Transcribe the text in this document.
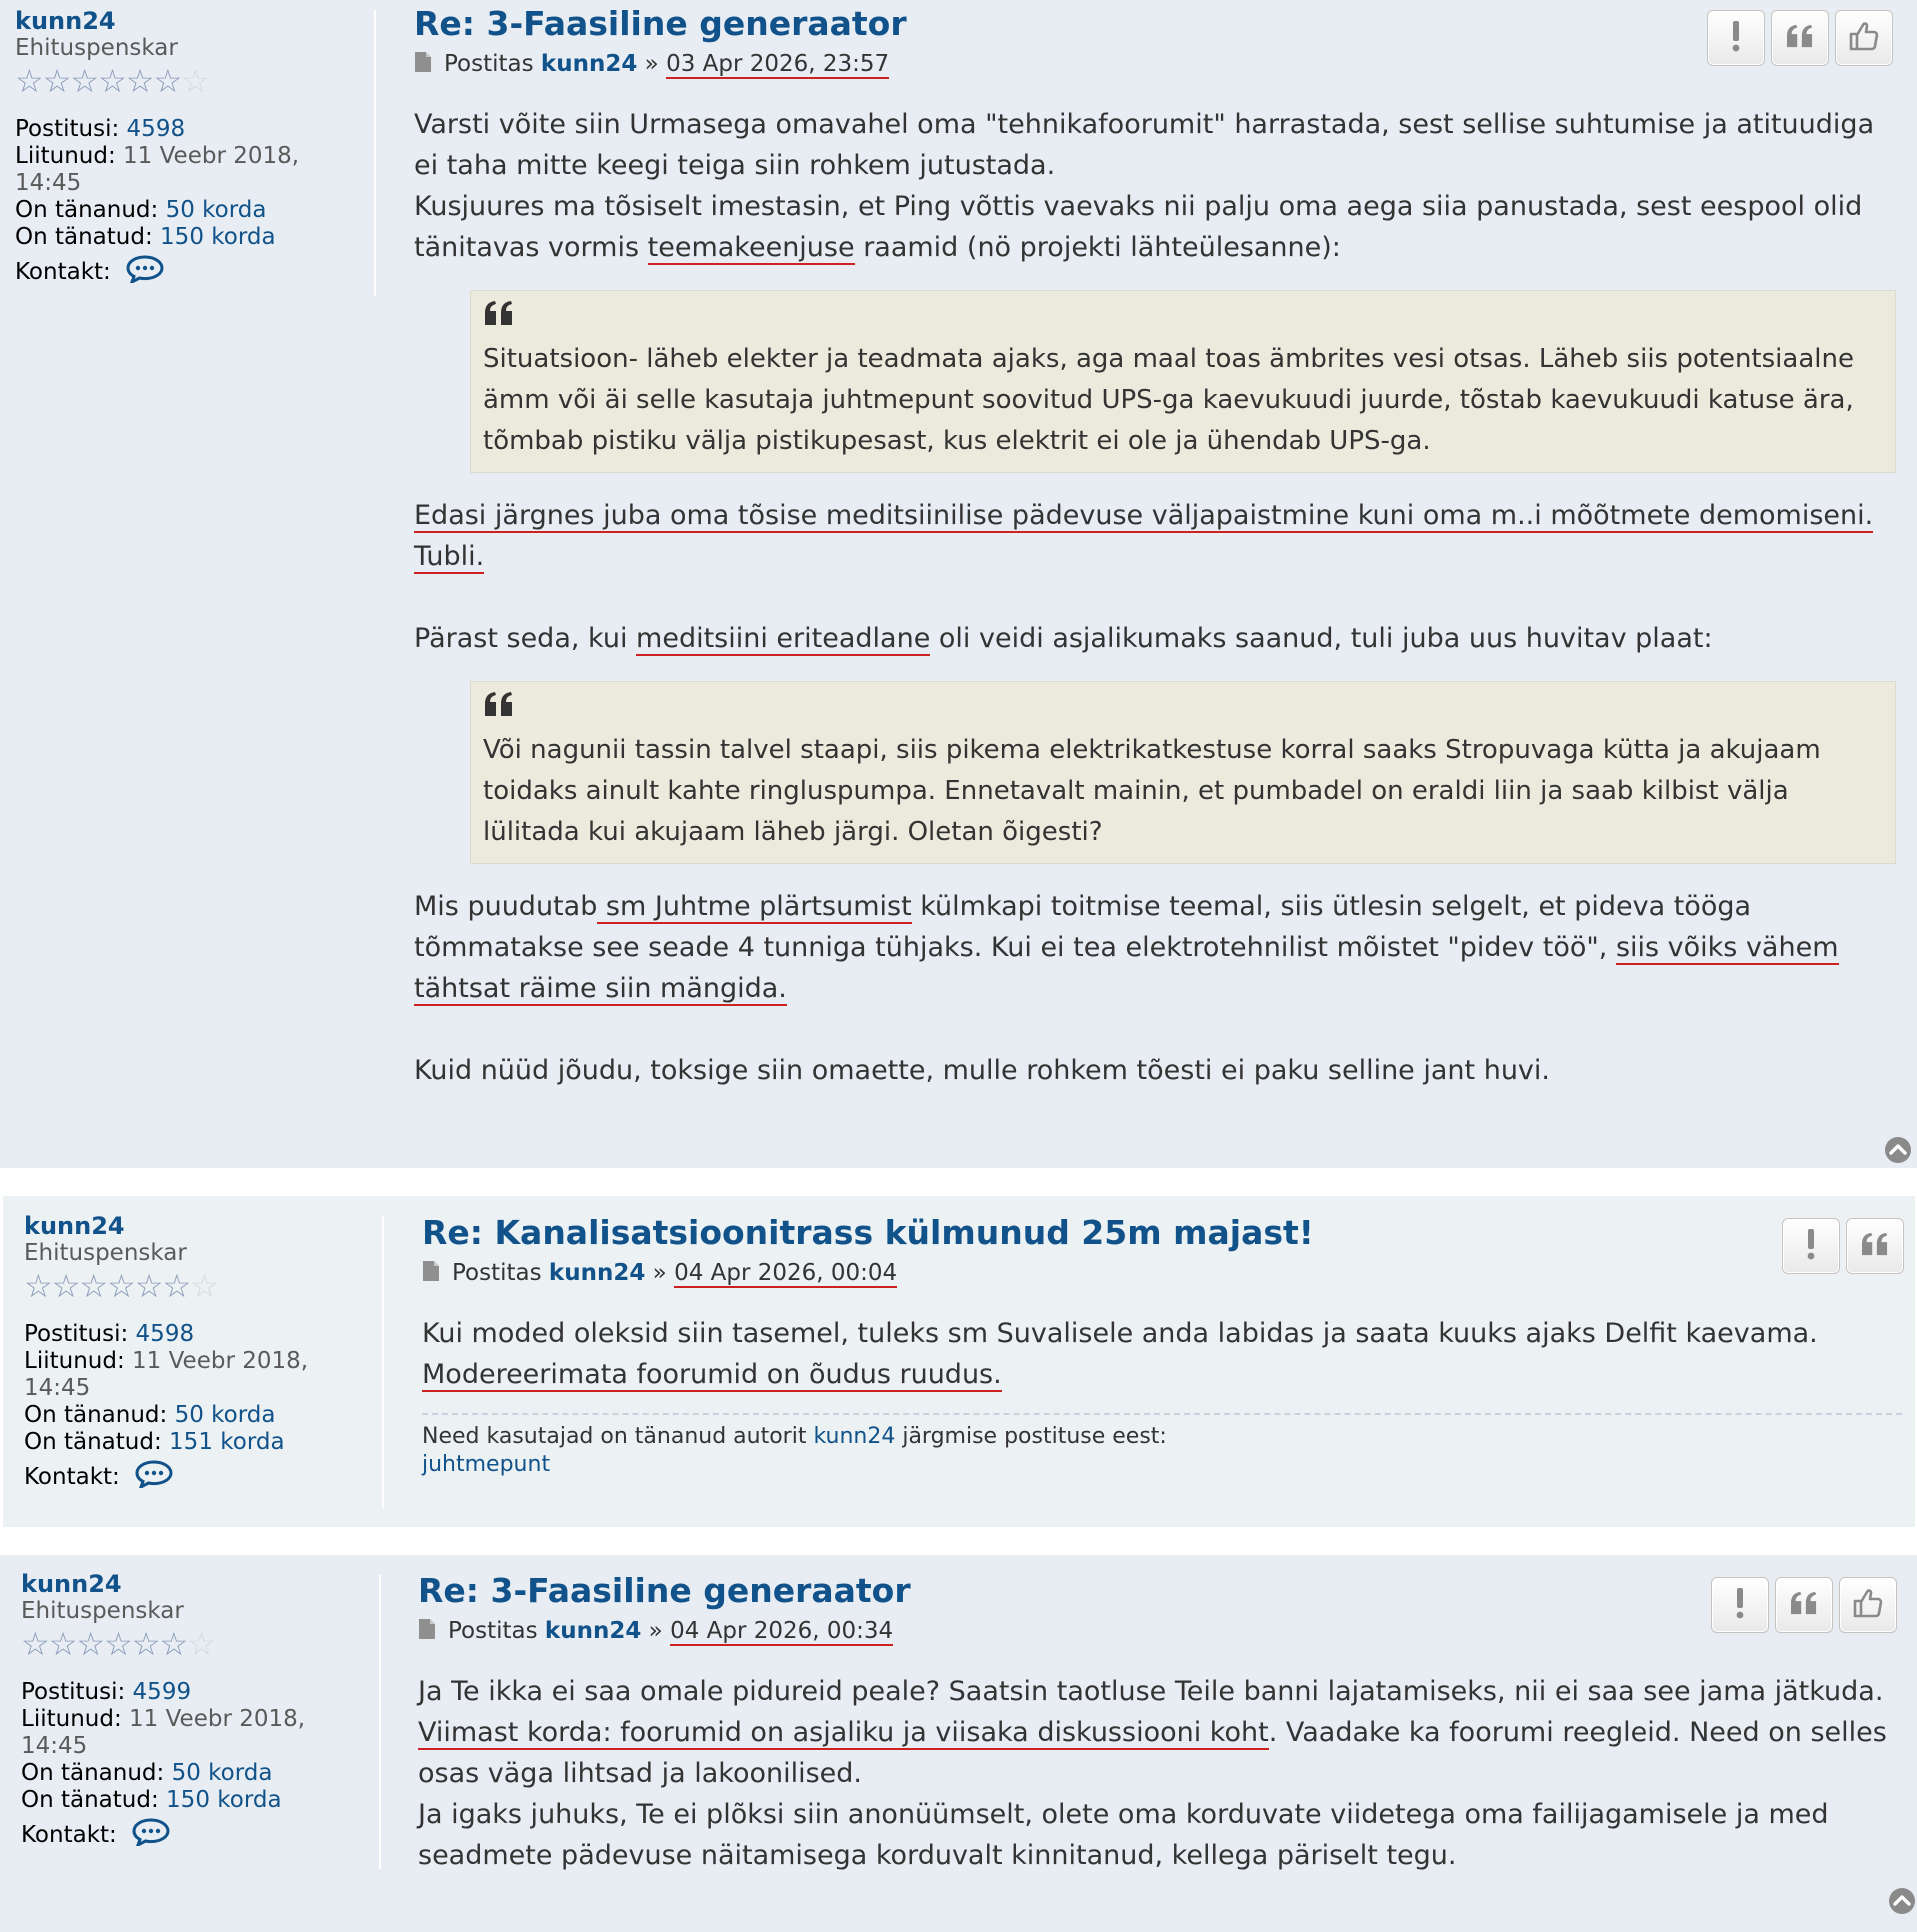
kunn24
Ehituspenskar
☆☆☆☆☆☆☆
Postitusi: 4598
Liitunud: 11 Veebr 2018, 14:45
On tänanud: 50 korda
On tänatud: 150 korda
Kontakt:
Re: 3-Faasiline generaator
Postitas kunn24 » 03 Apr 2026, 23:57

Varsti võite siin Urmasega omavahel oma "tehnikafoorumit" harrastada, sest sellise suhtumise ja atituudiga ei taha mitte keegi teiga siin rohkem jutustada.

Kusjuures ma tõsiselt imestasin, et Ping võttis vaevaks nii palju oma aega siia panustada, sest eespool olid tänitavas vormis teemakeenjuse raamid (nö projekti lähteülesanne):

Situatsioon- läheb elekter ja teadmata ajaks, aga maal toas ämbrites vesi otsas. Läheb siis potentsiaalne ämm või äi selle kasutaja juhtmepunt soovitud UPS-ga kaevukuudi juurde, tõstab kaevukuudi katuse ära, tõmbab pistiku välja pistikupesast, kus elektrit ei ole ja ühendab UPS-ga.

Edasi järgnes juba oma tõsise meditsiinilise pädevuse väljapaistmine kuni oma m..i mõõtmete demomiseni.
Tubli.

Pärast seda, kui meditsiini eriteadlane oli veidi asjalikumaks saanud, tuli juba uus huvitav plaat:

Või nagunii tassin talvel staapi, siis pikema elektrikatkestuse korral saaks Stropuvaga kütta ja akujaam toidaks ainult kahte ringluspumpa. Ennetavalt mainin, et pumbadel on eraldi liin ja saab kilbist välja lülitada kui akujaam läheb järgi. Oletan õigesti?

Mis puudutab sm Juhtme plärtsumist külmkapi toitmise teemal, siis ütlesin selgelt, et pideva tööga tõmmatakse see seade 4 tunniga tühjaks. Kui ei tea elektrotehnilist mõistet "pidev töö", siis võiks vähem tähtsat räime siin mängida.

Kuid nüüd jõudu, toksige siin omaette, mulle rohkem tõesti ei paku selline jant huvi.

kunn24
Ehituspenskar
☆☆☆☆☆☆☆
Postitusi: 4598
Liitunud: 11 Veebr 2018, 14:45
On tänanud: 50 korda
On tänatud: 151 korda
Kontakt:
Re: Kanalisatsioonitrass külmunud 25m majast!
Postitas kunn24 » 04 Apr 2026, 00:04

Kui moded oleksid siin tasemel, tuleks sm Suvalisele anda labidas ja saata kuuks ajaks Delfit kaevama.

Modereerimata foorumid on õudus ruudus.

Need kasutajad on tänanud autorit kunn24 järgmise postituse eest:
juhtmepunt
kunn24
Ehituspenskar
☆☆☆☆☆☆☆
Postitusi: 4599
Liitunud: 11 Veebr 2018, 14:45
On tänanud: 50 korda
On tänatud: 150 korda
Kontakt:
Re: 3-Faasiline generaator
Postitas kunn24 » 04 Apr 2026, 00:34

Ja Te ikka ei saa omale pidureid peale? Saatsin taotluse Teile banni lajatamiseks, nii ei saa see jama jätkuda.

Viimast korda: foorumid on asjaliku ja viisaka diskussiooni koht. Vaadake ka foorumi reegleid. Need on selles osas väga lihtsad ja lakoonilised.

Ja igaks juhuks, Te ei plõksi siin anonüümselt, olete oma korduvate viidetega oma failijagamisele ja med seadmete pädevuse näitamisega korduvalt kinnitanud, kellega päriselt tegu.
